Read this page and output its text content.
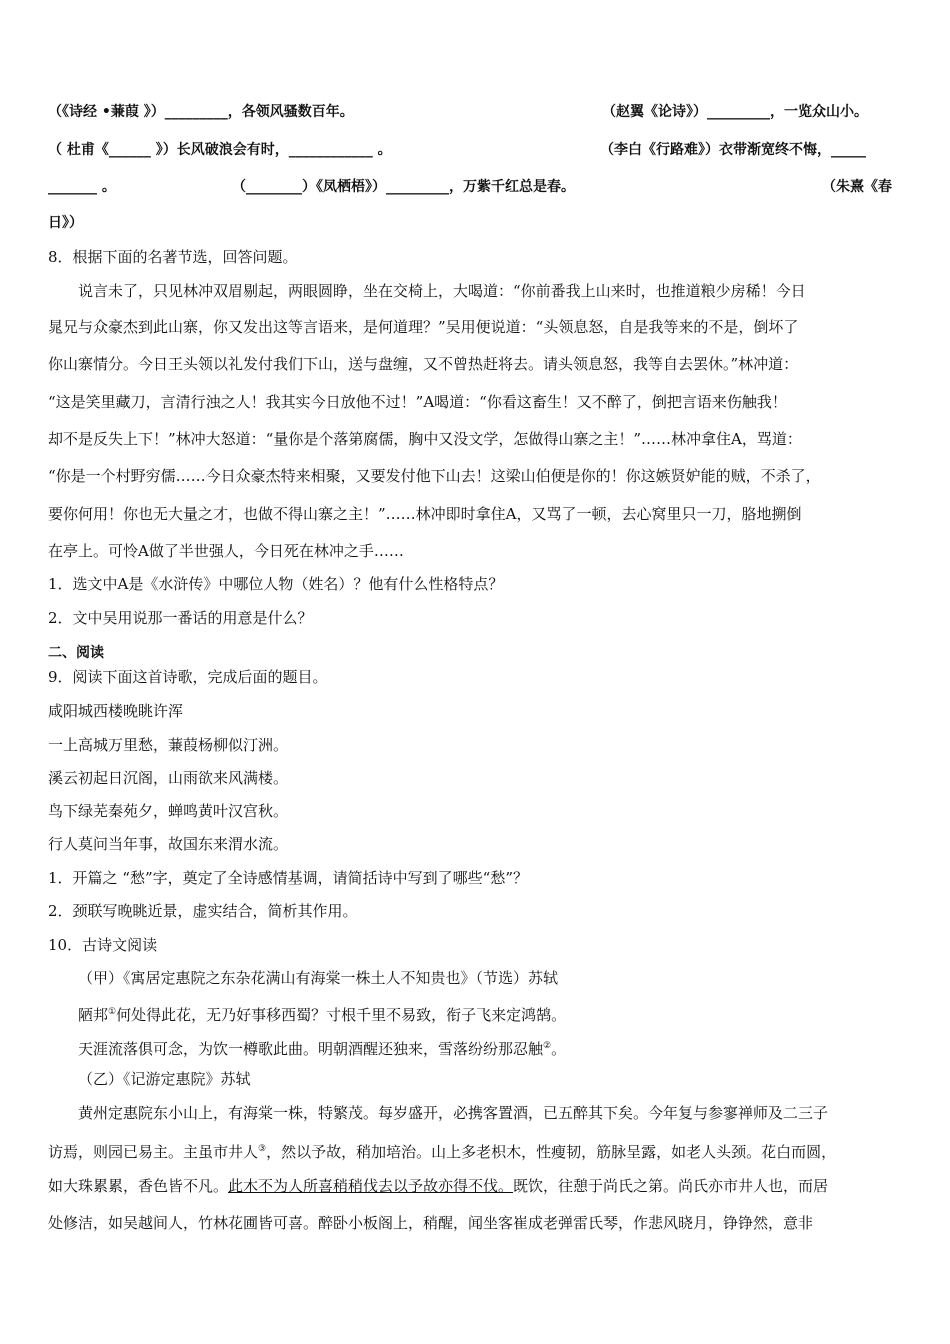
（《诗经 •蒹葭 》）_________，各领风骚数百年。	（赵翼《论诗》）_________，一览众山小。
（ 杜甫《______ 》）长风破浪会有时，____________ 。	（李白《行路难》）衣带渐宽终不悔，_____
_______ 。	（________）《凤栖梧》）_________，万紫千红总是春。	（朱熹《春
日》）
8．根据下面的名著节选，回答问题。
说言未了，只见林冲双眉剔起，两眼圆睁，坐在交椅上，大喝道：“你前番我上山来时，也推道粮少房稀！今日
晁兄与众豪杰到此山寨，你又发出这等言语来，是何道理？”吴用便说道：“头领息怒，自是我等来的不是，倒坏了
你山寨情分。今日王头领以礼发付我们下山，送与盘缠，又不曾热赶将去。请头领息怒，我等自去罢休。”林冲道：
“这是笑里藏刀，言清行浊之人！我其实今日放他不过！”A喝道：“你看这畜生！又不醉了，倒把言语来伤触我！
却不是反失上下！”林冲大怒道：“量你是个落第腐儒，胸中又没文学，怎做得山寨之主！”……林冲拿住A，骂道：
“你是一个村野穷儒……今日众豪杰特来相聚，又要发付他下山去！这梁山伯便是你的！你这嫉贤妒能的贼，不杀了，
要你何用！你也无大量之才，也做不得山寨之主！”……林冲即时拿住A，又骂了一顿，去心窝里只一刀，胳地搠倒
在亭上。可怜A做了半世强人，今日死在林冲之手……
1．选文中A是《水浒传》中哪位人物（姓名）？他有什么性格特点？
2．文中吴用说那一番话的用意是什么？
二、阅读
9．阅读下面这首诗歌，完成后面的题目。
咸阳城西楼晚眺许浑
一上高城万里愁，蒹葭杨柳似汀洲。
溪云初起日沉阁，山雨欲来风满楼。
鸟下绿芜秦苑夕，蝉鸣黄叶汉宫秋。
行人莫问当年事，故国东来渭水流。
1．开篇之 “愁”字，奠定了全诗感情基调，请简括诗中写到了哪些“愁”？
2．颈联写晚眺近景，虚实结合，简析其作用。
10．古诗文阅读
（甲）《寓居定惠院之东杂花满山有海棠一株土人不知贵也》（节选）苏轼
陋邦①何处得此花，无乃好事移西蜀？寸根千里不易致，衔子飞来定鸿鹄。
天涯流落俱可念，为饮一樽歌此曲。明朝酒醒还独来，雪落纷纷那忍触②。
（乙）《记游定惠院》苏轼
黄州定惠院东小山上，有海棠一株，特繁茂。每岁盛开，必携客置酒，已五醉其下矣。今年复与参寥禅师及二三子
访焉，则园已易主。主虽市井人③，然以予故，稍加培治。山上多老枳木，性瘦韧，筋脉呈露，如老人头颈。花白而圆，
如大珠累累，香色皆不凡。此木不为人所喜稍稍伐去以予故亦得不伐。既饮，往憩于尚氏之第。尚氏亦市井人也，而居
处修洁，如吴越间人，竹林花圃皆可喜。醉卧小板阁上，稍醒，闻坐客崔成老弹雷氏琴，作悲风晓月，铮铮然，意非
